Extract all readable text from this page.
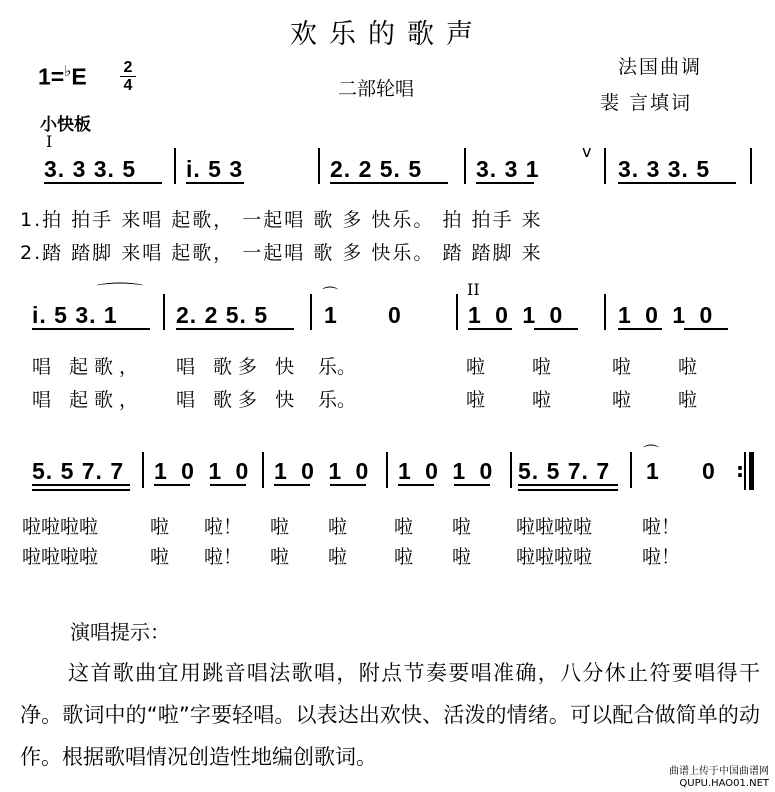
欢乐的歌声
1=♭E 2
4	二部轮唱
法国曲调
裴 言填词
小快板
I
II
3. 3 3. 5 i. 5 3	2. 2 5. 5 3. 3 1
v
3. 3 3. 5
1.拍 拍手 来唱 起歌， 一起唱 歌 多 快乐。 拍 拍手 来
2.踏 踏脚 来唱 起歌， 一起唱 歌 多 快乐。 踏 踏脚 来
i. 5 3. 1
⌒
2. 2 5. 5
⌒
1 0	1 0 1 0 1 0 1 0
唱 起歌， 唱 歌多 快 乐。	啦 啦	啦 啦
唱 起歌， 唱 歌多 快 乐。	啦 啦	啦 啦
5. 5 7. 7 1 0 1 0 1 0 1 0 1 0 1 0 5. 5 7. 7
⌒
1 0 :
啦啦啦啦	啦 啦！ 啦 啦 啦 啦 啦啦啦啦	啦！
啦啦啦啦	啦 啦！ 啦 啦 啦 啦 啦啦啦啦	啦！
演唱提示：
这首歌曲宜用跳音唱法歌唱，附点节奏要唱准确，八分休止符要唱得干净。歌词中的“啦”字要轻唱。以表达出欢快、活泼的情绪。可以配合做简单的动作。根据歌唱情况创造性地编创歌词。
曲谱上传于中国曲谱网
QUPU.HAO01.NET
